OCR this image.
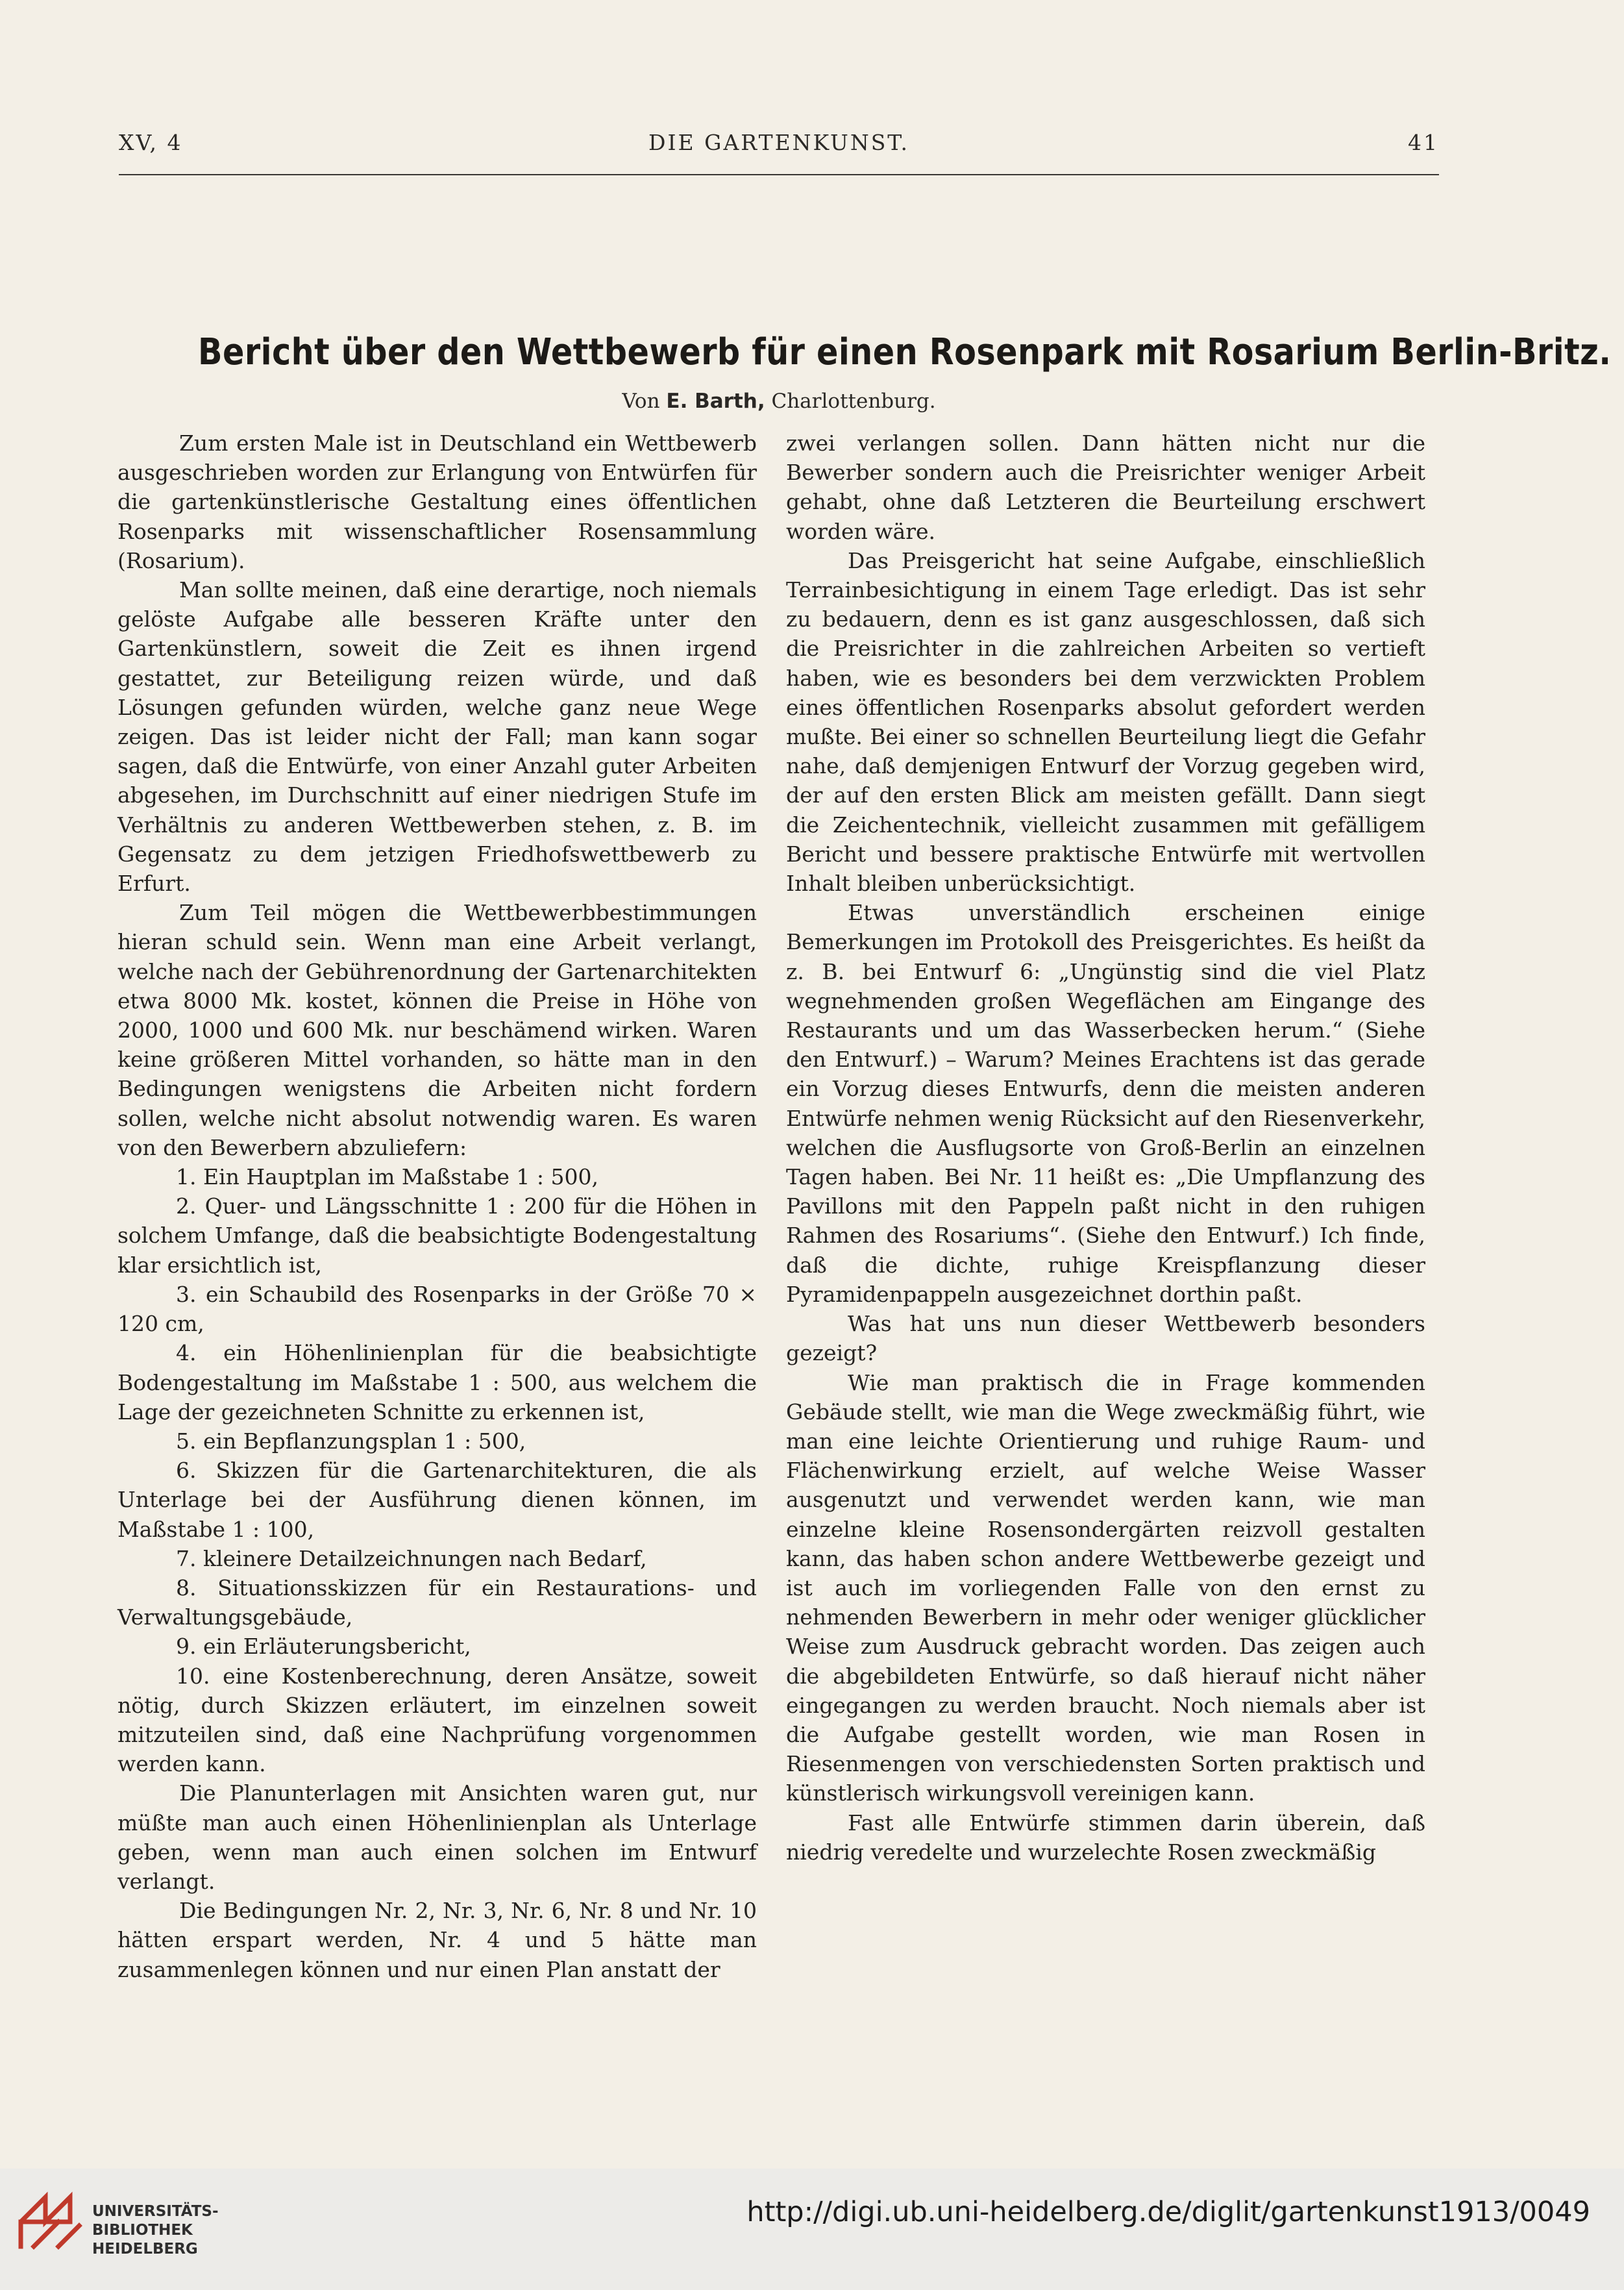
XV, 4	DIE GARTENKUNST.	41
Bericht über den Wettbewerb für einen Rosenpark mit Rosarium Berlin-Britz.
Von E. Barth, Charlottenburg.

Zum ersten Male ist in Deutschland ein Wettbewerb ausgeschrieben worden zur Erlangung von Entwürfen für die gartenkünstlerische Gestaltung eines öffentlichen Rosenparks mit wissenschaftlicher Rosensammlung (Rosarium).

Man sollte meinen, daß eine derartige, noch niemals gelöste Aufgabe alle besseren Kräfte unter den Gartenkünstlern, soweit die Zeit es ihnen irgend gestattet, zur Beteiligung reizen würde, und daß Lösungen gefunden würden, welche ganz neue Wege zeigen. Das ist leider nicht der Fall; man kann sogar sagen, daß die Entwürfe, von einer Anzahl guter Arbeiten abgesehen, im Durchschnitt auf einer niedrigen Stufe im Verhältnis zu anderen Wettbewerben stehen, z. B. im Gegensatz zu dem jetzigen Friedhofswettbewerb zu Erfurt.

Zum Teil mögen die Wettbewerbbestimmungen hieran schuld sein. Wenn man eine Arbeit verlangt, welche nach der Gebührenordnung der Gartenarchitekten etwa 8000 Mk. kostet, können die Preise in Höhe von 2000, 1000 und 600 Mk. nur beschämend wirken. Waren keine größeren Mittel vorhanden, so hätte man in den Bedingungen wenigstens die Arbeiten nicht fordern sollen, welche nicht absolut notwendig waren. Es waren von den Bewerbern abzuliefern:

1. Ein Hauptplan im Maßstabe 1 : 500,

2. Quer- und Längsschnitte 1 : 200 für die Höhen in solchem Umfange, daß die beabsichtigte Bodengestaltung klar ersichtlich ist,

3. ein Schaubild des Rosenparks in der Größe 70 × 120 cm,

4. ein Höhenlinienplan für die beabsichtigte Bodengestaltung im Maßstabe 1 : 500, aus welchem die Lage der gezeichneten Schnitte zu erkennen ist,

5. ein Bepflanzungsplan 1 : 500,

6. Skizzen für die Gartenarchitekturen, die als Unterlage bei der Ausführung dienen können, im Maßstabe 1 : 100,

7. kleinere Detailzeichnungen nach Bedarf,

8. Situationsskizzen für ein Restaurations- und Verwaltungsgebäude,

9. ein Erläuterungsbericht,

10. eine Kostenberechnung, deren Ansätze, soweit nötig, durch Skizzen erläutert, im einzelnen soweit mitzuteilen sind, daß eine Nachprüfung vorgenommen werden kann.

Die Planunterlagen mit Ansichten waren gut, nur müßte man auch einen Höhenlinienplan als Unterlage geben, wenn man auch einen solchen im Entwurf verlangt.

Die Bedingungen Nr. 2, Nr. 3, Nr. 6, Nr. 8 und Nr. 10 hätten erspart werden, Nr. 4 und 5 hätte man zusammenlegen können und nur einen Plan anstatt der

zwei verlangen sollen. Dann hätten nicht nur die Bewerber sondern auch die Preisrichter weniger Arbeit gehabt, ohne daß Letzteren die Beurteilung erschwert worden wäre.

Das Preisgericht hat seine Aufgabe, einschließlich Terrainbesichtigung in einem Tage erledigt. Das ist sehr zu bedauern, denn es ist ganz ausgeschlossen, daß sich die Preisrichter in die zahlreichen Arbeiten so vertieft haben, wie es besonders bei dem verzwickten Problem eines öffentlichen Rosenparks absolut gefordert werden mußte. Bei einer so schnellen Beurteilung liegt die Gefahr nahe, daß demjenigen Entwurf der Vorzug gegeben wird, der auf den ersten Blick am meisten gefällt. Dann siegt die Zeichentechnik, vielleicht zusammen mit gefälligem Bericht und bessere praktische Entwürfe mit wertvollen Inhalt bleiben unberücksichtigt.

Etwas unverständlich erscheinen einige Bemerkungen im Protokoll des Preisgerichtes. Es heißt da z. B. bei Entwurf 6: „Ungünstig sind die viel Platz wegnehmenden großen Wegeflächen am Eingange des Restaurants und um das Wasserbecken herum.“ (Siehe den Entwurf.) – Warum? Meines Erachtens ist das gerade ein Vorzug dieses Entwurfs, denn die meisten anderen Entwürfe nehmen wenig Rücksicht auf den Riesenverkehr, welchen die Ausflugsorte von Groß-Berlin an einzelnen Tagen haben. Bei Nr. 11 heißt es: „Die Umpflanzung des Pavillons mit den Pappeln paßt nicht in den ruhigen Rahmen des Rosariums“. (Siehe den Entwurf.) Ich finde, daß die dichte, ruhige Kreispflanzung dieser Pyramidenpappeln ausgezeichnet dorthin paßt.

Was hat uns nun dieser Wettbewerb besonders gezeigt?

Wie man praktisch die in Frage kommenden Gebäude stellt, wie man die Wege zweckmäßig führt, wie man eine leichte Orientierung und ruhige Raum- und Flächenwirkung erzielt, auf welche Weise Wasser ausgenutzt und verwendet werden kann, wie man einzelne kleine Rosensondergärten reizvoll gestalten kann, das haben schon andere Wettbewerbe gezeigt und ist auch im vorliegenden Falle von den ernst zu nehmenden Bewerbern in mehr oder weniger glücklicher Weise zum Ausdruck gebracht worden. Das zeigen auch die abgebildeten Entwürfe, so daß hierauf nicht näher eingegangen zu werden braucht. Noch niemals aber ist die Aufgabe gestellt worden, wie man Rosen in Riesenmengen von verschiedensten Sorten praktisch und künstlerisch wirkungsvoll vereinigen kann.

Fast alle Entwürfe stimmen darin überein, daß niedrig veredelte und wurzelechte Rosen zweckmäßig

UNIVERSITÄTS-
BIBLIOTHEK
HEIDELBERG
http://digi.ub.uni-heidelberg.de/diglit/gartenkunst1913/0049
